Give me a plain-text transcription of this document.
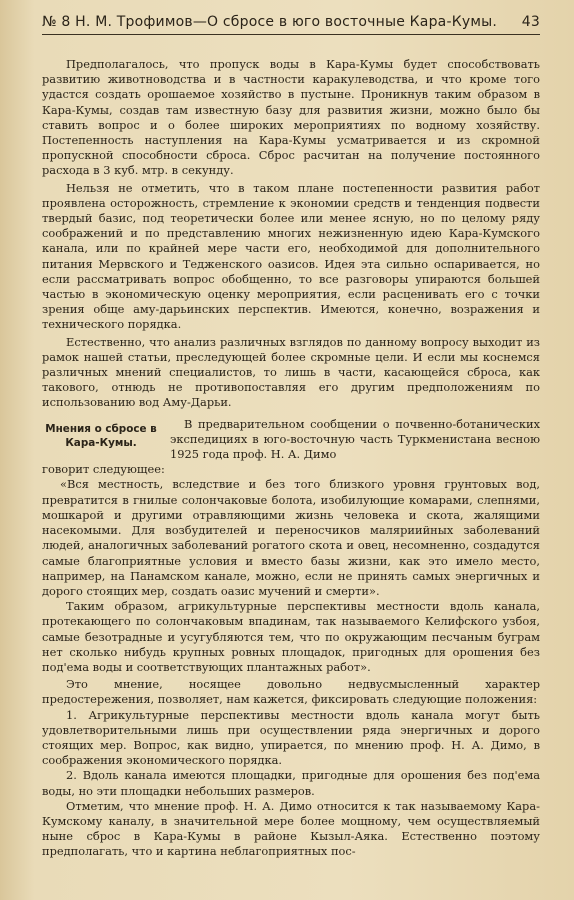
№ 8 Н. М. Трофимов—О сбросе в юго восточные Кара-Кумы. 43

Предполагалось, что пропуск воды в Кара-Кумы будет способствовать развитию животноводства и в частности каракулеводства, и что кроме того удастся создать орошаемое хозяйство в пустыне. Проникнув таким образом в Кара-Кумы, создав там известную базу для развития жизни, можно было бы ставить вопрос и о более широких мероприятиях по водному хозяйству. Постепенность наступления на Кара-Кумы усматривается и из скромной пропускной способности сброса. Сброс расчитан на получение постоянного расхода в 3 куб. мтр. в секунду.

Нельзя не отметить, что в таком плане постепенности развития работ проявлена осторожность, стремление к экономии средств и тенденция подвести твердый базис, под теоретически более или менее ясную, но по целому ряду соображений и по представлению многих нежизненную идею Кара-Кумского канала, или по крайней мере части его, необходимой для дополнительного питания Мервского и Тедженского оазисов. Идея эта сильно оспаривается, но если рассматривать вопрос обобщенно, то все разговоры упираются большей частью в экономическую оценку мероприятия, если расценивать его с точки зрения обще аму-дарьинских перспектив. Имеются, конечно, возражения и технического порядка.

Естественно, что анализ различных взглядов по данному вопросу выходит из рамок нашей статьи, преследующей более скромные цели. И если мы коснемся различных мнений специалистов, то лишь в части, касающейся сброса, как такового, отнюдь не противопоставляя его другим предположениям по использованию вод Аму-Дарьи.

Мнения о сбросе в Кара-Кумы.

В предварительном сообщении о почвенно-ботанических экспедициях в юго-восточную часть Туркменистана весною 1925 года проф. Н. А. Димо

говорит следующее:

«Вся местность, вследствие и без того близкого уровня грунтовых вод, превратится в гнилые солончаковые болота, изобилующие комарами, слепнями, мошкарой и другими отравляющими жизнь человека и скота, жалящими насекомыми. Для возбудителей и переносчиков маляриийных заболеваний людей, аналогичных заболеваний рогатого скота и овец, несомненно, создадутся самые благоприятные условия и вместо базы жизни, как это имело место, например, на Панамском канале, можно, если не принять самых энергичных и дорого стоящих мер, создать оазис мучений и смерти».

Таким образом, агрикультурные перспективы местности вдоль канала, протекающего по солончаковым впадинам, так называемого Келифского узбоя, самые безотрадные и усугубляются тем, что по окружающим песчаным буграм нет сколько нибудь крупных ровных площадок, пригодных для орошения без под'ема воды и соответствующих плантажных работ».

Это мнение, носящее довольно недвусмысленный характер предостережения, позволяет, нам кажется, фиксировать следующие положения:

1. Агрикультурные перспективы местности вдоль канала могут быть удовлетворительными лишь при осуществлении ряда энергичных и дорого стоящих мер. Вопрос, как видно, упирается, по мнению проф. Н. А. Димо, в соображения экономического порядка.

2. Вдоль канала имеются площадки, пригодные для орошения без под'ема воды, но эти площадки небольших размеров.

Отметим, что мнение проф. Н. А. Димо относится к так называемому Кара-Кумскому каналу, в значительной мере более мощному, чем осуществляемый ныне сброс в Кара-Кумы в районе Кызыл-Аяка. Естественно поэтому предполагать, что и картина неблагоприятных пос-
